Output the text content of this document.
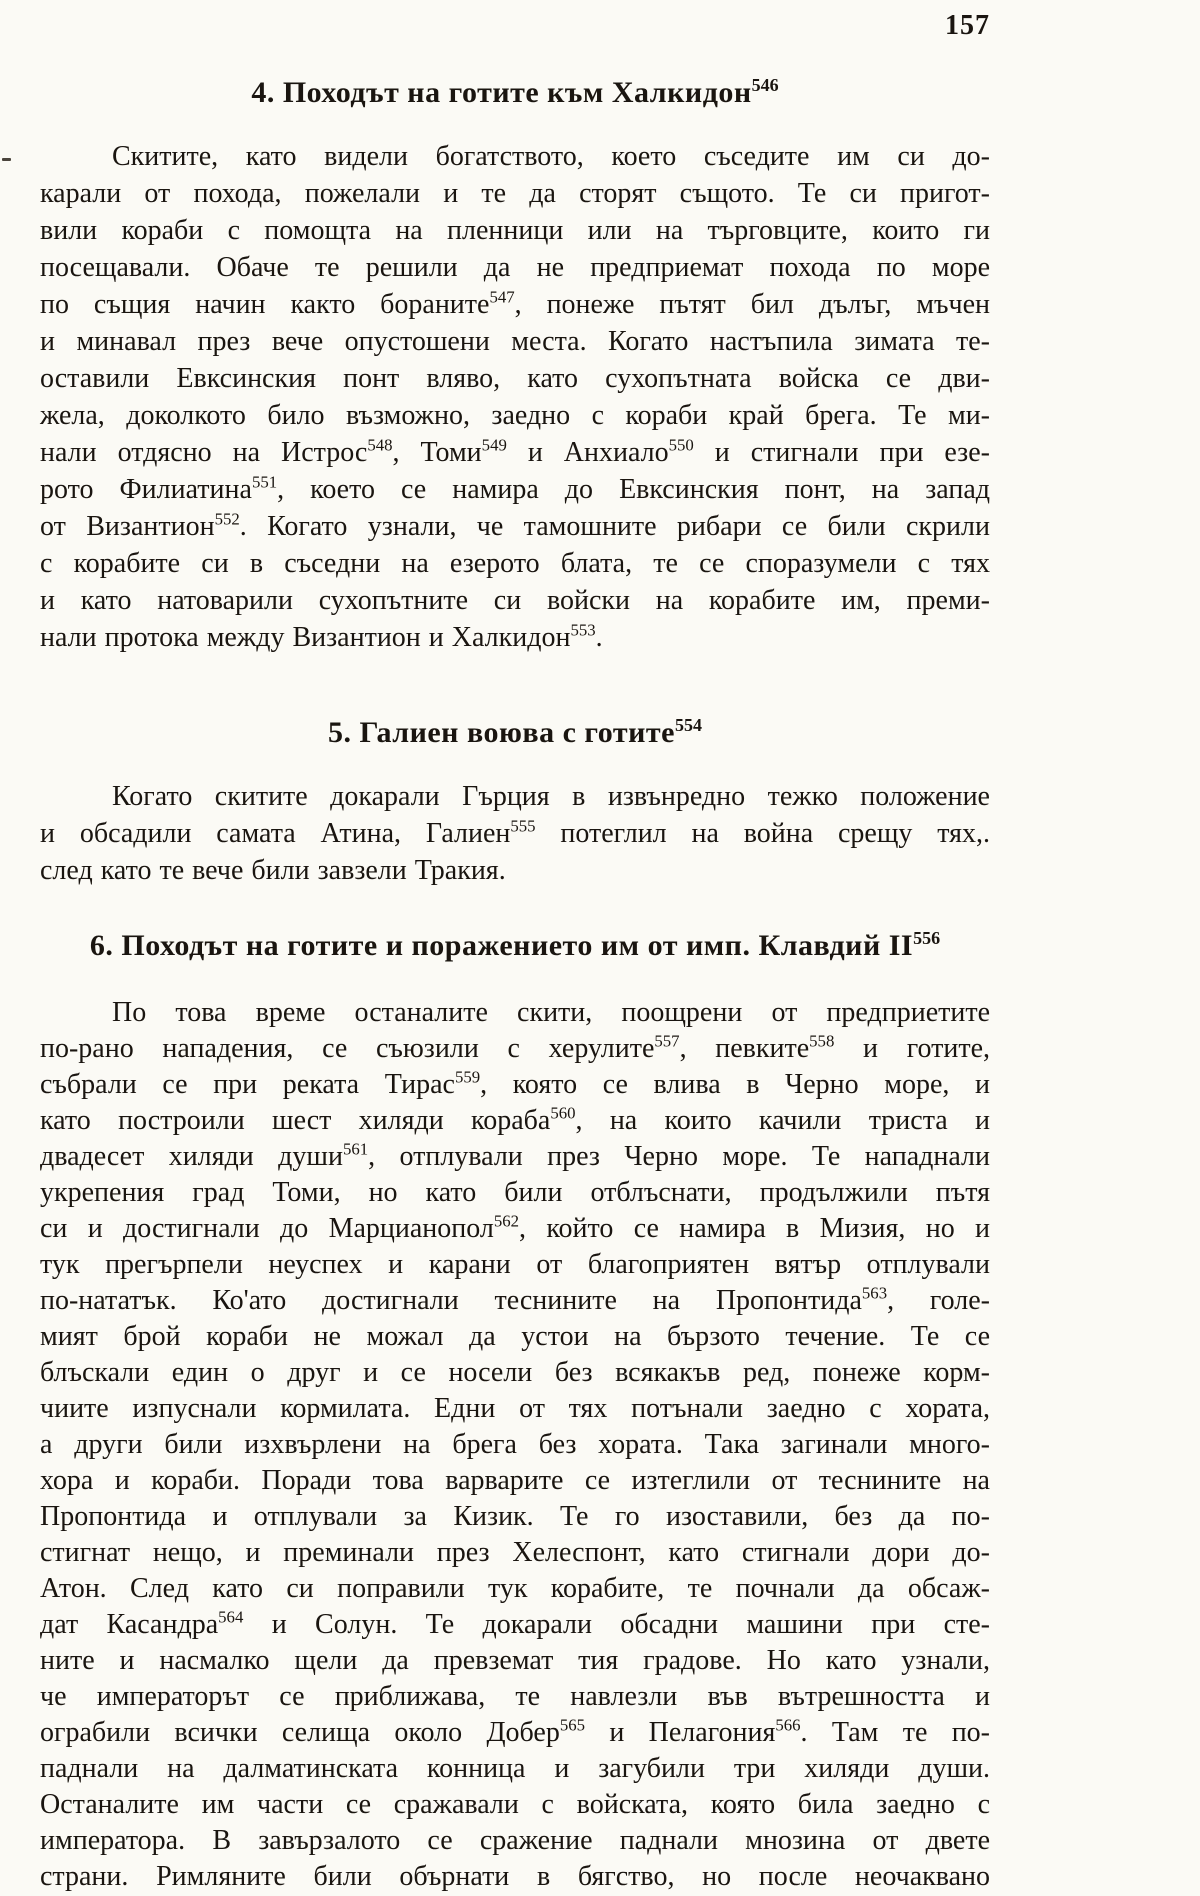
157
4. Походът на готите към Халкидон$^{546}$
Скитите, като видели богатството, което съседите им си до-
карали от похода, пожелали и те да сторят същото. Те си пригот-
вили кораби с помощта на пленници или на търговците, които ги
посещавали. Обаче те решили да не предприемат похода по море
по същия начин както бораните$^{547}$, понеже пътят бил дълъг, мъчен
и минавал през вече опустошени места. Когато настъпила зимата те-
оставили Евксинския понт вляво, като сухопътната войска се дви-
жела, доколкото било възможно, заедно с кораби край брега. Те ми-
нали отдясно на Истрос$^{548}$, Томи$^{549}$ и Анхиало$^{550}$ и стигнали при езе-
рото Филиатина$^{551}$, което се намира до Евксинския понт, на запад
от Византион$^{552}$. Когато узнали, че тамошните рибари се били скрили
с корабите си в съседни на езерото блата, те се споразумели с тях
и като натоварили сухопътните си войски на корабите им, преми-
нали протока между Византион и Халкидон$^{553}$.
5. Галиен воюва с готите$^{554}$
Когато скитите докарали Гърция в извънредно тежко положение
и обсадили самата Атина, Галиен$^{555}$ потеглил на война срещу тях,.
след като те вече били завзели Тракия.
6. Походът на готите и поражението им от имп. Клавдий II$^{556}$
По това време останалите скити, поощрени от предприетите
по-рано нападения, се съюзили с херулите$^{557}$, певките$^{558}$ и готите,
събрали се при реката Тирас$^{559}$, която се влива в Черно море, и
като построили шест хиляди кораба$^{560}$, на които качили триста и
двадесет хиляди души$^{561}$, отплували през Черно море. Те нападнали
укрепения град Томи, но като били отблъснати, продължили пътя
си и достигнали до Марцианопол$^{562}$, който се намира в Мизия, но и
тук прегърпели неуспех и карани от благоприятен вятър отплували
по-нататък. Ко'ато достигнали теснините на Пропонтида$^{563}$, голе-
мият брой кораби не можал да устои на бързото течение. Те се
блъскали един о друг и се носели без всякакъв ред, понеже корм-
чиите изпуснали кормилата. Едни от тях потънали заедно с хората,
а други били изхвърлени на брега без хората. Така загинали много-
хора и кораби. Поради това варварите се изтеглили от теснините на
Пропонтида и отплували за Кизик. Те го изоставили, без да по-
стигнат нещо, и преминали през Хелеспонт, като стигнали дори до-
Атон. След като си поправили тук корабите, те почнали да обсаж-
дат Касандра$^{564}$ и Солун. Те докарали обсадни машини при сте-
ните и насмалко щели да превземат тия градове. Но като узнали,
че императорът се приближава, те навлезли във вътрешността и
ограбили всички селища около Добер$^{565}$ и Пелагония$^{566}$. Там те по-
паднали на далматинската конница и загубили три хиляди души.
Останалите им части се сражавали с войската, която била заедно с
императора. В завързалото се сражение паднали мнозина от двете
страни. Римляните били обърнати в бягство, но после неочаквано
